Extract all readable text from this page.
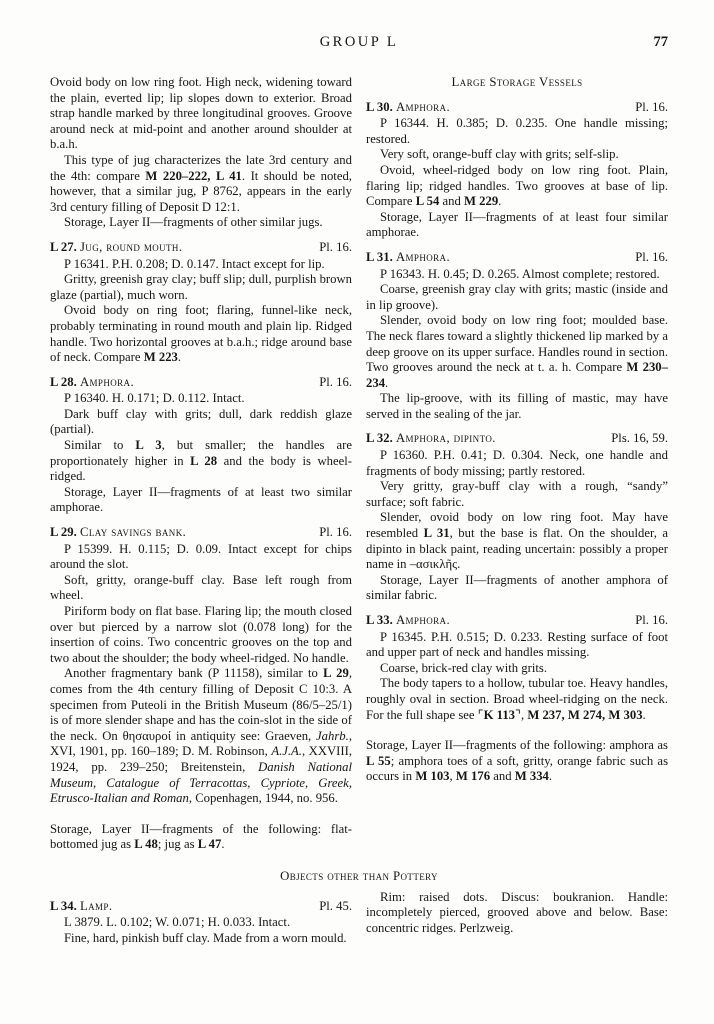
GROUP L	77

Ovoid body on low ring foot. High neck, widening toward the plain, everted lip; lip slopes down to exterior. Broad strap handle marked by three longitudinal grooves. Groove around neck at mid-point and another around shoulder at b.a.h.

This type of jug characterizes the late 3rd century and the 4th: compare M 220–222, L 41. It should be noted, however, that a similar jug, P 8762, appears in the early 3rd century filling of Deposit D 12:1.

Storage, Layer II—fragments of other similar jugs.

L 27. Jug, round mouth.	Pl. 16.

P 16341. P.H. 0.208; D. 0.147. Intact except for lip.

Gritty, greenish gray clay; buff slip; dull, purplish brown glaze (partial), much worn.

Ovoid body on ring foot; flaring, funnel-like neck, probably terminating in round mouth and plain lip. Ridged handle. Two horizontal grooves at b.a.h.; ridge around base of neck. Compare M 223.

L 28. Amphora.	Pl. 16.

P 16340. H. 0.171; D. 0.112. Intact.

Dark buff clay with grits; dull, dark reddish glaze (partial).

Similar to L 3, but smaller; the handles are proportionately higher in L 28 and the body is wheel-ridged.

Storage, Layer II—fragments of at least two similar amphorae.

L 29. Clay savings bank.	Pl. 16.

P 15399. H. 0.115; D. 0.09. Intact except for chips around the slot.

Soft, gritty, orange-buff clay. Base left rough from wheel.

Piriform body on flat base. Flaring lip; the mouth closed over but pierced by a narrow slot (0.078 long) for the insertion of coins. Two concentric grooves on the top and two about the shoulder; the body wheel-ridged. No handle.

Another fragmentary bank (P 11158), similar to L 29, comes from the 4th century filling of Deposit C 10:3. A specimen from Puteoli in the British Museum (86/5–25/1) is of more slender shape and has the coin-slot in the side of the neck. On θησαυροί in antiquity see: Graeven, Jahrb., XVI, 1901, pp. 160–189; D. M. Robinson, A.J.A., XXVIII, 1924, pp. 239–250; Breitenstein, Danish National Museum, Catalogue of Terracottas, Cypriote, Greek, Etrusco-Italian and Roman, Copenhagen, 1944, no. 956.

Storage, Layer II—fragments of the following: flat-bottomed jug as L 48; jug as L 47.

Large Storage Vessels
L 30. Amphora.	Pl. 16.

P 16344. H. 0.385; D. 0.235. One handle missing; restored.

Very soft, orange-buff clay with grits; self-slip.

Ovoid, wheel-ridged body on low ring foot. Plain, flaring lip; ridged handles. Two grooves at base of lip. Compare L 54 and M 229.

Storage, Layer II—fragments of at least four similar amphorae.

L 31. Amphora.	Pl. 16.

P 16343. H. 0.45; D. 0.265. Almost complete; restored.

Coarse, greenish gray clay with grits; mastic (inside and in lip groove).

Slender, ovoid body on low ring foot; moulded base. The neck flares toward a slightly thickened lip marked by a deep groove on its upper surface. Handles round in section. Two grooves around the neck at t. a. h. Compare M 230–234.

The lip-groove, with its filling of mastic, may have served in the sealing of the jar.

L 32. Amphora, dipinto.	Pls. 16, 59.

P 16360. P.H. 0.41; D. 0.304. Neck, one handle and fragments of body missing; partly restored.

Very gritty, gray-buff clay with a rough, “sandy” surface; soft fabric.

Slender, ovoid body on low ring foot. May have resembled L 31, but the base is flat. On the shoulder, a dipinto in black paint, reading uncertain: possibly a proper name in –ασικλῆς.

Storage, Layer II—fragments of another amphora of similar fabric.

L 33. Amphora.	Pl. 16.

P 16345. P.H. 0.515; D. 0.233. Resting surface of foot and upper part of neck and handles missing.

Coarse, brick-red clay with grits.

The body tapers to a hollow, tubular toe. Heavy handles, roughly oval in section. Broad wheel-ridging on the neck. For the full shape see ⌜K 113⌝, M 237, M 274, M 303.

Storage, Layer II—fragments of the following: amphora as L 55; amphora toes of a soft, gritty, orange fabric such as occurs in M 103, M 176 and M 334.

Objects other than Pottery
L 34. Lamp.	Pl. 45.

L 3879. L. 0.102; W. 0.071; H. 0.033. Intact.

Fine, hard, pinkish buff clay. Made from a worn mould.

Rim: raised dots. Discus: boukranion. Handle: incompletely pierced, grooved above and below. Base: concentric ridges. Perlzweig.
